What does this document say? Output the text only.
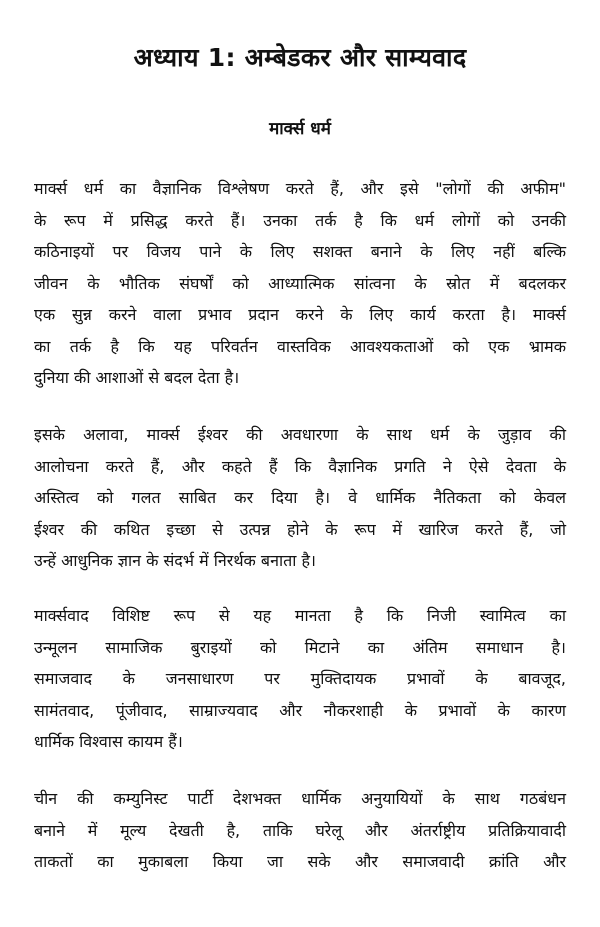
अध्याय 1: अम्बेडकर और साम्यवाद
मार्क्स धर्म

मार्क्स धर्म का वैज्ञानिक विश्लेषण करते हैं, और इसे "लोगों की अफीम"
के रूप में प्रसिद्ध करते हैं। उनका तर्क है कि धर्म लोगों को उनकी
कठिनाइयों पर विजय पाने के लिए सशक्त बनाने के लिए नहीं बल्कि
जीवन के भौतिक संघर्षों को आध्यात्मिक सांत्वना के स्रोत में बदलकर
एक सुन्न करने वाला प्रभाव प्रदान करने के लिए कार्य करता है। मार्क्स
का तर्क है कि यह परिवर्तन वास्तविक आवश्यकताओं को एक भ्रामक
दुनिया की आशाओं से बदल देता है।

इसके अलावा, मार्क्स ईश्वर की अवधारणा के साथ धर्म के जुड़ाव की
आलोचना करते हैं, और कहते हैं कि वैज्ञानिक प्रगति ने ऐसे देवता के
अस्तित्व को गलत साबित कर दिया है। वे धार्मिक नैतिकता को केवल
ईश्वर की कथित इच्छा से उत्पन्न होने के रूप में खारिज करते हैं, जो
उन्हें आधुनिक ज्ञान के संदर्भ में निरर्थक बनाता है।

मार्क्सवाद विशिष्ट रूप से यह मानता है कि निजी स्वामित्व का
उन्मूलन सामाजिक बुराइयों को मिटाने का अंतिम समाधान है।
समाजवाद के जनसाधारण पर मुक्तिदायक प्रभावों के बावजूद,
सामंतवाद, पूंजीवाद, साम्राज्यवाद और नौकरशाही के प्रभावों के कारण
धार्मिक विश्वास कायम हैं।

चीन की कम्युनिस्ट पार्टी देशभक्त धार्मिक अनुयायियों के साथ गठबंधन
बनाने में मूल्य देखती है, ताकि घरेलू और अंतर्राष्ट्रीय प्रतिक्रियावादी
ताकतों का मुकाबला किया जा सके और समाजवादी क्रांति और
